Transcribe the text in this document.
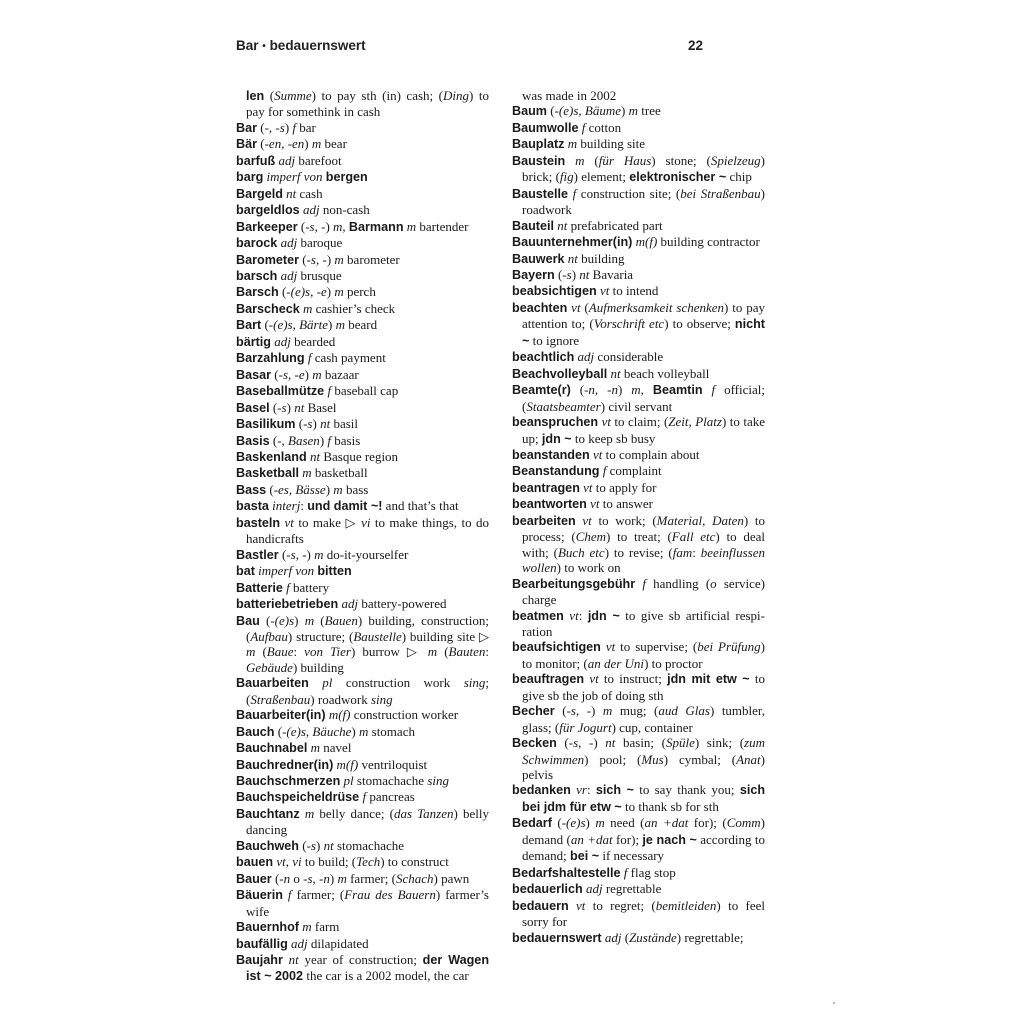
Bar • bedauernswert	22

len (Summe) to pay sth (in) cash; (Ding) to pay for somethink in cash

Bar (-, -s) f bar

Bär (-en, -en) m bear

barfuß adj barefoot

barg imperf von bergen

Bargeld nt cash

bargeldlos adj non-cash

Barkeeper (-s, -) m, Barmann m bartender

barock adj baroque

Barometer (-s, -) m barometer

barsch adj brusque

Barsch (-(e)s, -e) m perch

Barscheck m cashier’s check

Bart (-(e)s, Bärte) m beard

bärtig adj bearded

Barzahlung f cash payment

Basar (-s, -e) m bazaar

Baseballmütze f baseball cap

Basel (-s) nt Basel

Basilikum (-s) nt basil

Basis (-, Basen) f basis

Baskenland nt Basque region

Basketball m basketball

Bass (-es, Bässe) m bass

basta interj: und damit ~! and that’s that

basteln vt to make ▷ vi to make things, to do handicrafts

Bastler (-s, -) m do-it-yourselfer

bat imperf von bitten

Batterie f battery

batteriebetrieben adj battery-powered

Bau (-(e)s) m (Bauen) building, construction; (Aufbau) structure; (Baustelle) building site ▷ m (Baue: von Tier) burrow ▷ m (Bauten: Gebäude) building

Bauarbeiten pl construction work sing; (Straßenbau) roadwork sing

Bauarbeiter(in) m(f) construction worker

Bauch (-(e)s, Bäuche) m stomach

Bauchnabel m navel

Bauchredner(in) m(f) ventriloquist

Bauchschmerzen pl stomachache sing

Bauchspeicheldrüse f pancreas

Bauchtanz m belly dance; (das Tanzen) belly dancing

Bauchweh (-s) nt stomachache

bauen vt, vi to build; (Tech) to construct

Bauer (-n o -s, -n) m farmer; (Schach) pawn

Bäuerin f farmer; (Frau des Bauern) farmer’s wife

Bauernhof m farm

baufällig adj dilapidated

Baujahr nt year of construction; der Wagen ist ~ 2002 the car is a 2002 model, the car

was made in 2002

Baum (-(e)s, Bäume) m tree

Baumwolle f cotton

Bauplatz m building site

Baustein m (für Haus) stone; (Spielzeug) brick; (fig) element; elektronischer ~ chip

Baustelle f construction site; (bei Straßenbau) roadwork

Bauteil nt prefabricated part

Bauunternehmer(in) m(f) building contractor

Bauwerk nt building

Bayern (-s) nt Bavaria

beabsichtigen vt to intend

beachten vt (Aufmerksamkeit schenken) to pay attention to; (Vorschrift etc) to observe; nicht ~ to ignore

beachtlich adj considerable

Beachvolleyball nt beach volleyball

Beamte(r) (-n, -n) m, Beamtin f official; (Staatsbeamter) civil servant

beanspruchen vt to claim; (Zeit, Platz) to take up; jdn ~ to keep sb busy

beanstanden vt to complain about

Beanstandung f complaint

beantragen vt to apply for

beantworten vt to answer

bearbeiten vt to work; (Material, Daten) to process; (Chem) to treat; (Fall etc) to deal with; (Buch etc) to revise; (fam: beeinflussen wollen) to work on

Bearbeitungsgebühr f handling (o service) charge

beatmen vt: jdn ~ to give sb artificial respiration

beaufsichtigen vt to supervise; (bei Prüfung) to monitor; (an der Uni) to proctor

beauftragen vt to instruct; jdn mit etw ~ to give sb the job of doing sth

Becher (-s, -) m mug; (aud Glas) tumbler, glass; (für Jogurt) cup, container

Becken (-s, -) nt basin; (Spüle) sink; (zum Schwimmen) pool; (Mus) cymbal; (Anat) pelvis

bedanken vr: sich ~ to say thank you; sich bei jdm für etw ~ to thank sb for sth

Bedarf (-(e)s) m need (an +dat for); (Comm) demand (an +dat for); je nach ~ according to demand; bei ~ if necessary

Bedarfshaltestelle f flag stop

bedauerlich adj regrettable

bedauern vt to regret; (bemitleiden) to feel sorry for

bedauernswert adj (Zustände) regrettable;
